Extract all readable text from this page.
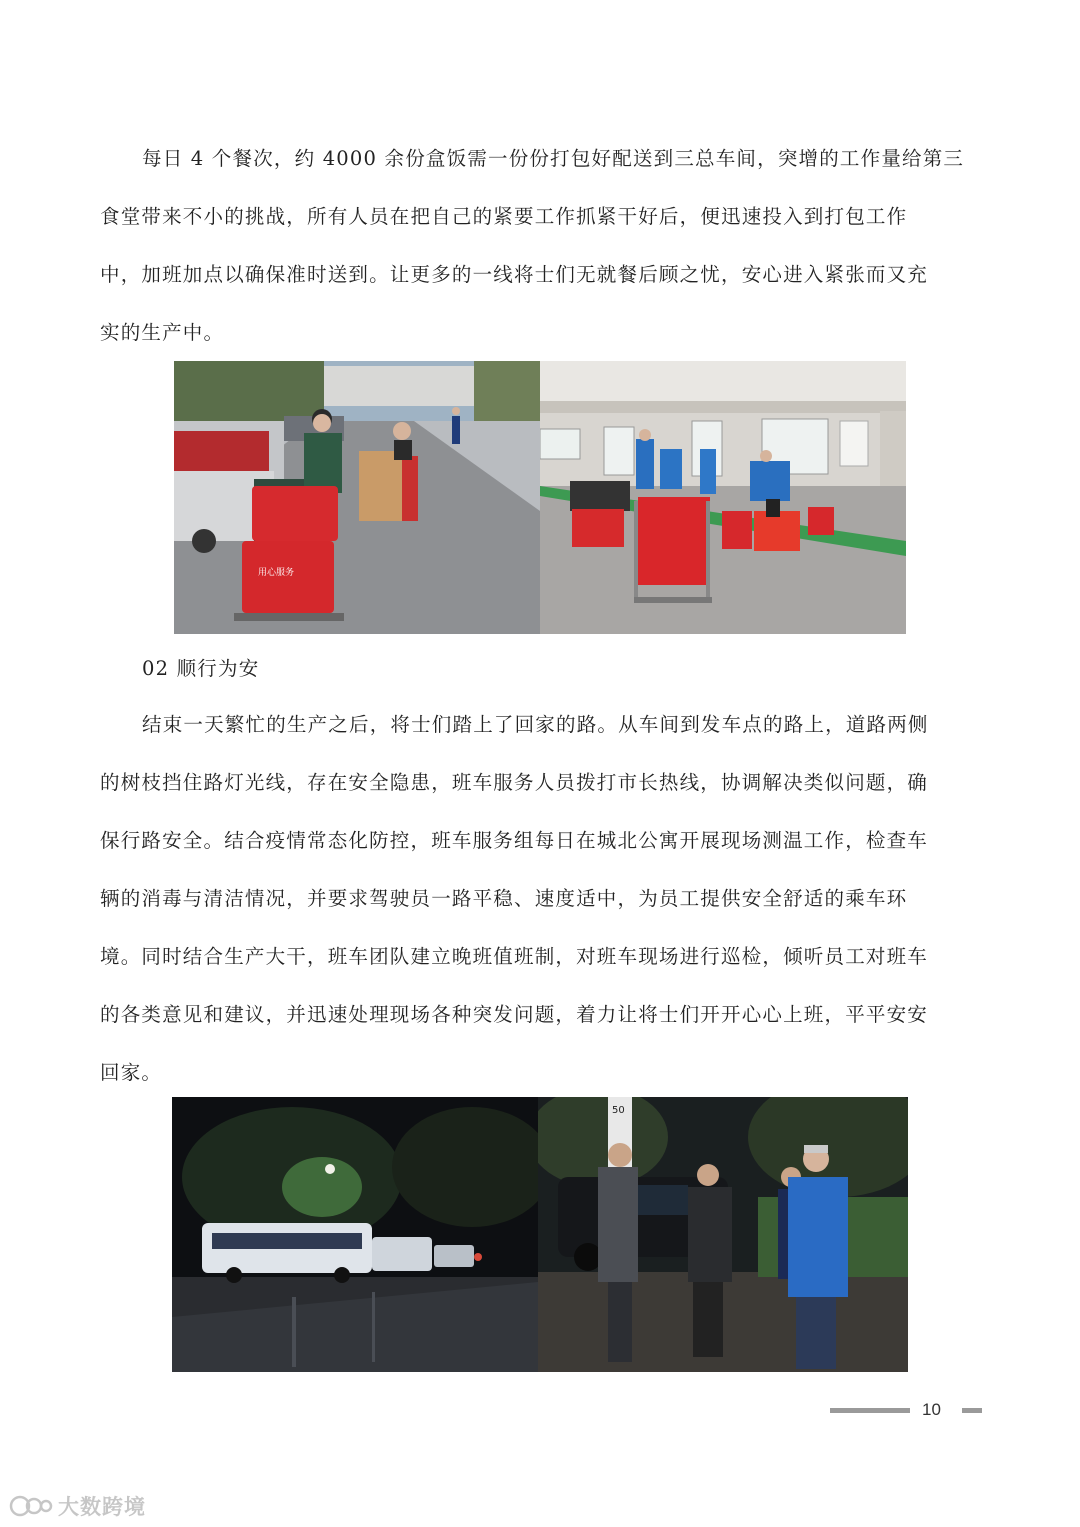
每日 4 个餐次，约 4000 余份盒饭需一份份打包好配送到三总车间，突增的工作量给第三
食堂带来不小的挑战，所有人员在把自己的紧要工作抓紧干好后，便迅速投入到打包工作
中，加班加点以确保准时送到。让更多的一线将士们无就餐后顾之忧，安心进入紧张而又充
实的生产中。
用心服务

02 顺行为安

结束一天繁忙的生产之后，将士们踏上了回家的路。从车间到发车点的路上，道路两侧
的树枝挡住路灯光线，存在安全隐患，班车服务人员拨打市长热线，协调解决类似问题，确
保行路安全。结合疫情常态化防控，班车服务组每日在城北公寓开展现场测温工作，检查车
辆的消毒与清洁情况，并要求驾驶员一路平稳、速度适中，为员工提供安全舒适的乘车环
境。同时结合生产大干，班车团队建立晚班值班制，对班车现场进行巡检，倾听员工对班车
的各类意见和建议，并迅速处理现场各种突发问题，着力让将士们开开心心上班，平平安安
回家。
50
10
大数跨境
